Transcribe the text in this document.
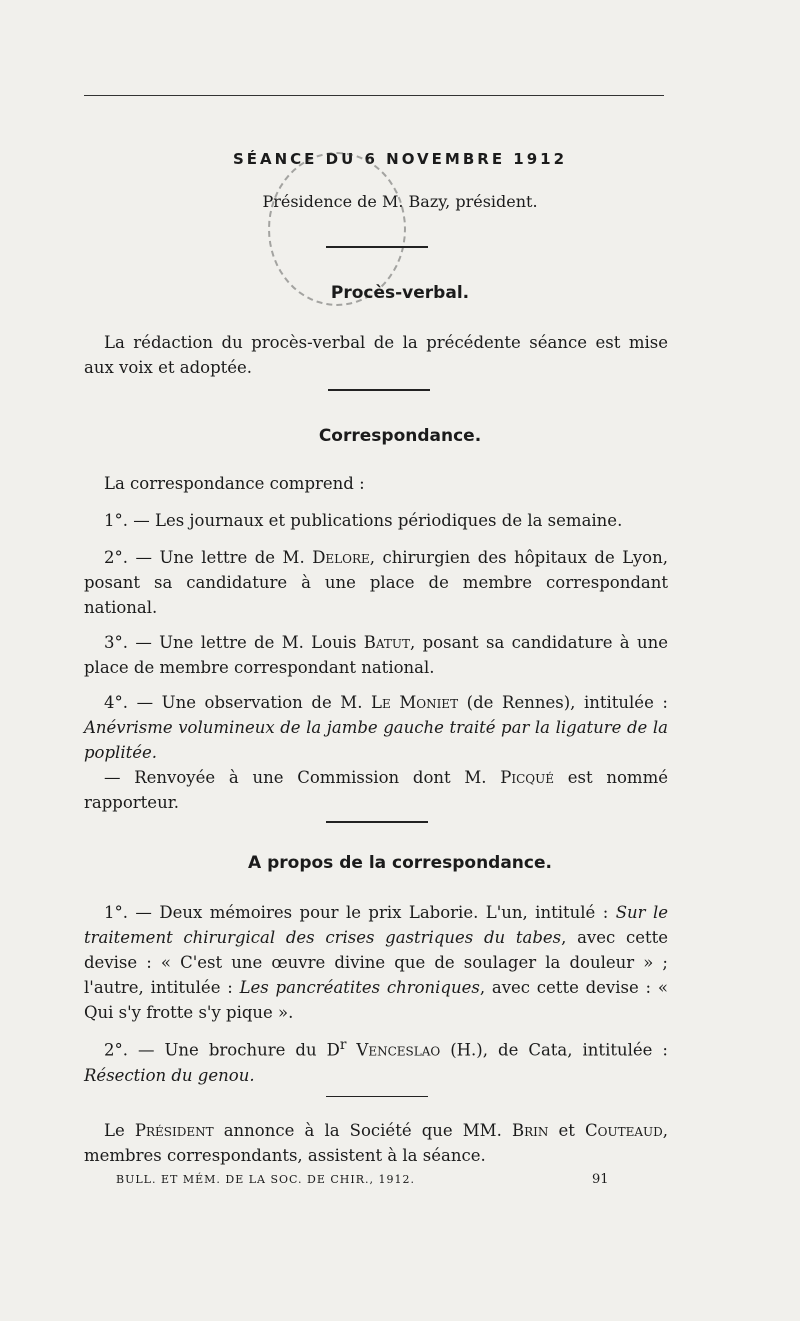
SÉANCE DU 6 NOVEMBRE 1912
Présidence de M. Bazy, président.
Procès-verbal.
La rédaction du procès-verbal de la précédente séance est mise aux voix et adoptée.
Correspondance.
La correspondance comprend :
1°. — Les journaux et publications périodiques de la semaine.
2°. — Une lettre de M. Delore, chirurgien des hôpitaux de Lyon, posant sa candidature à une place de membre correspondant national.
3°. — Une lettre de M. Louis Batut, posant sa candidature à une place de membre correspondant national.
4°. — Une observation de M. Le Moniet (de Rennes), intitulée : Anévrisme volumineux de la jambe gauche traité par la ligature de la poplitée.
— Renvoyée à une Commission dont M. Picqué est nommé rapporteur.
A propos de la correspondance.
1°. — Deux mémoires pour le prix Laborie. L'un, intitulé : Sur le traitement chirurgical des crises gastriques du tabes, avec cette devise : « C'est une œuvre divine que de soulager la douleur » ; l'autre, intitulée : Les pancréatites chroniques, avec cette devise : « Qui s'y frotte s'y pique ».
2°. — Une brochure du $D^r$ Venceslao (H.), de Cata, intitulée : Résection du genou.
Le Président annonce à la Société que MM. Brin et Couteaud, membres correspondants, assistent à la séance.
BULL. ET MÉM. DE LA SOC. DE CHIR., 1912.	91
